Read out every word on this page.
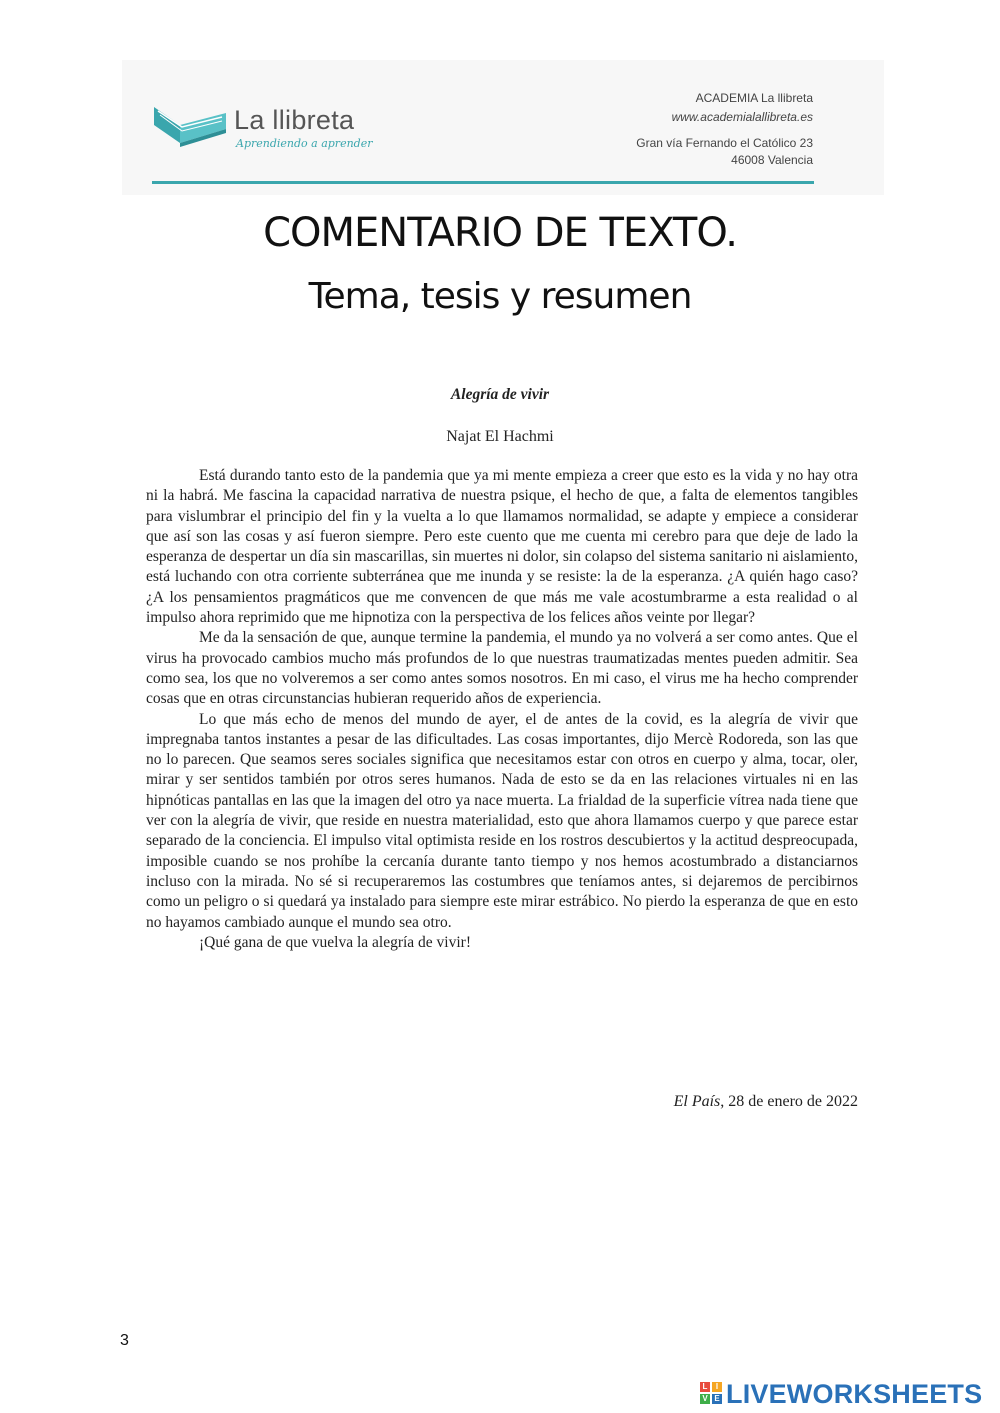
La llibreta
Aprendiendo a aprender
ACADEMIA La llibreta
www.academialallibreta.es
Gran vía Fernando el Católico 23
46008 Valencia
COMENTARIO DE TEXTO.
Tema, tesis y resumen
Alegría de vivir
Najat El Hachmi

Está durando tanto esto de la pandemia que ya mi mente empieza a creer que esto es la vida y no hay otra ni la habrá. Me fascina la capacidad narrativa de nuestra psique, el hecho de que, a falta de elementos tangibles para vislumbrar el principio del fin y la vuelta a lo que llamamos normalidad, se adapte y empiece a considerar que así son las cosas y así fueron siempre. Pero este cuento que me cuenta mi cerebro para que deje de lado la esperanza de despertar un día sin mascarillas, sin muertes ni dolor, sin colapso del sistema sanitario ni aislamiento, está luchando con otra corriente subterránea que me inunda y se resiste: la de la esperanza. ¿A quién hago caso? ¿A los pensamientos pragmáticos que me convencen de que más me vale acostumbrarme a esta realidad o al impulso ahora reprimido que me hipnotiza con la perspectiva de los felices años veinte por llegar?

Me da la sensación de que, aunque termine la pandemia, el mundo ya no volverá a ser como antes. Que el virus ha provocado cambios mucho más profundos de lo que nuestras traumatizadas mentes pueden admitir. Sea como sea, los que no volveremos a ser como antes somos nosotros. En mi caso, el virus me ha hecho comprender cosas que en otras circunstancias hubieran requerido años de experiencia.

Lo que más echo de menos del mundo de ayer, el de antes de la covid, es la alegría de vivir que impregnaba tantos instantes a pesar de las dificultades. Las cosas importantes, dijo Mercè Rodoreda, son las que no lo parecen. Que seamos seres sociales significa que necesitamos estar con otros en cuerpo y alma, tocar, oler, mirar y ser sentidos también por otros seres humanos. Nada de esto se da en las relaciones virtuales ni en las hipnóticas pantallas en las que la imagen del otro ya nace muerta. La frialdad de la superficie vítrea nada tiene que ver con la alegría de vivir, que reside en nuestra materialidad, esto que ahora llamamos cuerpo y que parece estar separado de la conciencia. El impulso vital optimista reside en los rostros descubiertos y la actitud despreocupada, imposible cuando se nos prohíbe la cercanía durante tanto tiempo y nos hemos acostumbrado a distanciarnos incluso con la mirada. No sé si recuperaremos las costumbres que teníamos antes, si dejaremos de percibirnos como un peligro o si quedará ya instalado para siempre este mirar estrábico. No pierdo la esperanza de que en esto no hayamos cambiado aunque el mundo sea otro.

¡Qué gana de que vuelva la alegría de vivir!

El País, 28 de enero de 2022
3
L	I
V E LIVEWORKSHEETS
